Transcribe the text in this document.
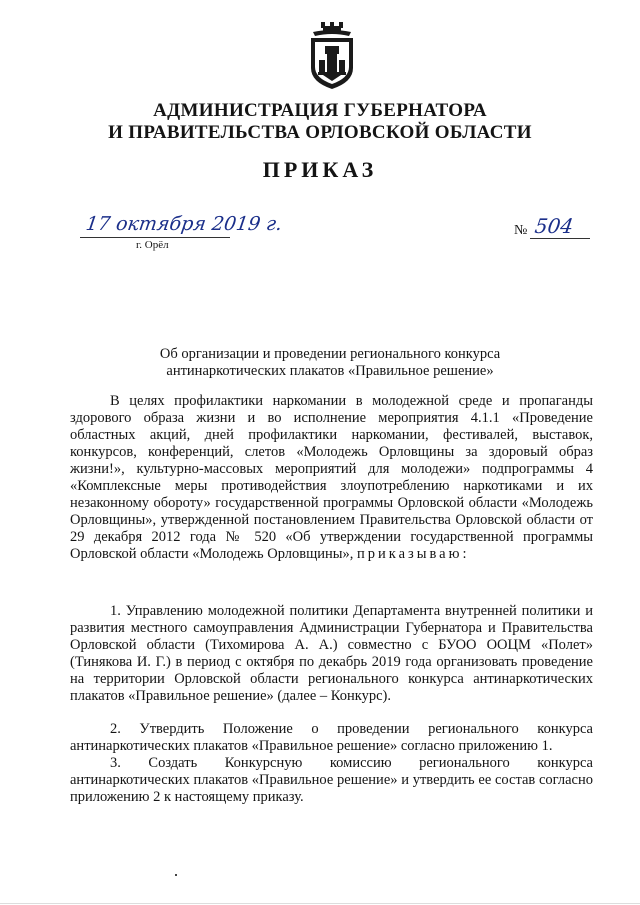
АДМИНИСТРАЦИЯ ГУБЕРНАТОРА
И ПРАВИТЕЛЬСТВА ОРЛОВСКОЙ ОБЛАСТИ
ПРИКАЗ
17 октября 2019 г.
г. Орёл
№ 504
Об организации и проведении регионального конкурса антинаркотических плакатов «Правильное решение»
В целях профилактики наркомании в молодежной среде и пропаганды здорового образа жизни и во исполнение мероприятия 4.1.1 «Проведение областных акций, дней профилактики наркомании, фестивалей, выставок, конкурсов, конференций, слетов «Молодежь Орловщины за здоровый образ жизни!», культурно-массовых мероприятий для молодежи» подпрограммы 4 «Комплексные меры противодействия злоупотреблению наркотиками и их незаконному обороту» государственной программы Орловской области «Молодежь Орловщины», утвержденной постановлением Правительства Орловской области от 29 декабря 2012 года № 520 «Об утверждении государственной программы Орловской области «Молодежь Орловщины», приказываю:
1. Управлению молодежной политики Департамента внутренней политики и развития местного самоуправления Администрации Губернатора и Правительства Орловской области (Тихомирова А. А.) совместно с БУОО ООЦМ «Полет» (Тинякова И. Г.) в период с октября по декабрь 2019 года организовать проведение на территории Орловской области регионального конкурса антинаркотических плакатов «Правильное решение» (далее – Конкурс).
2. Утвердить Положение о проведении регионального конкурса антинаркотических плакатов «Правильное решение» согласно приложению 1.
3. Создать Конкурсную комиссию регионального конкурса антинаркотических плакатов «Правильное решение» и утвердить ее состав согласно приложению 2 к настоящему приказу.
